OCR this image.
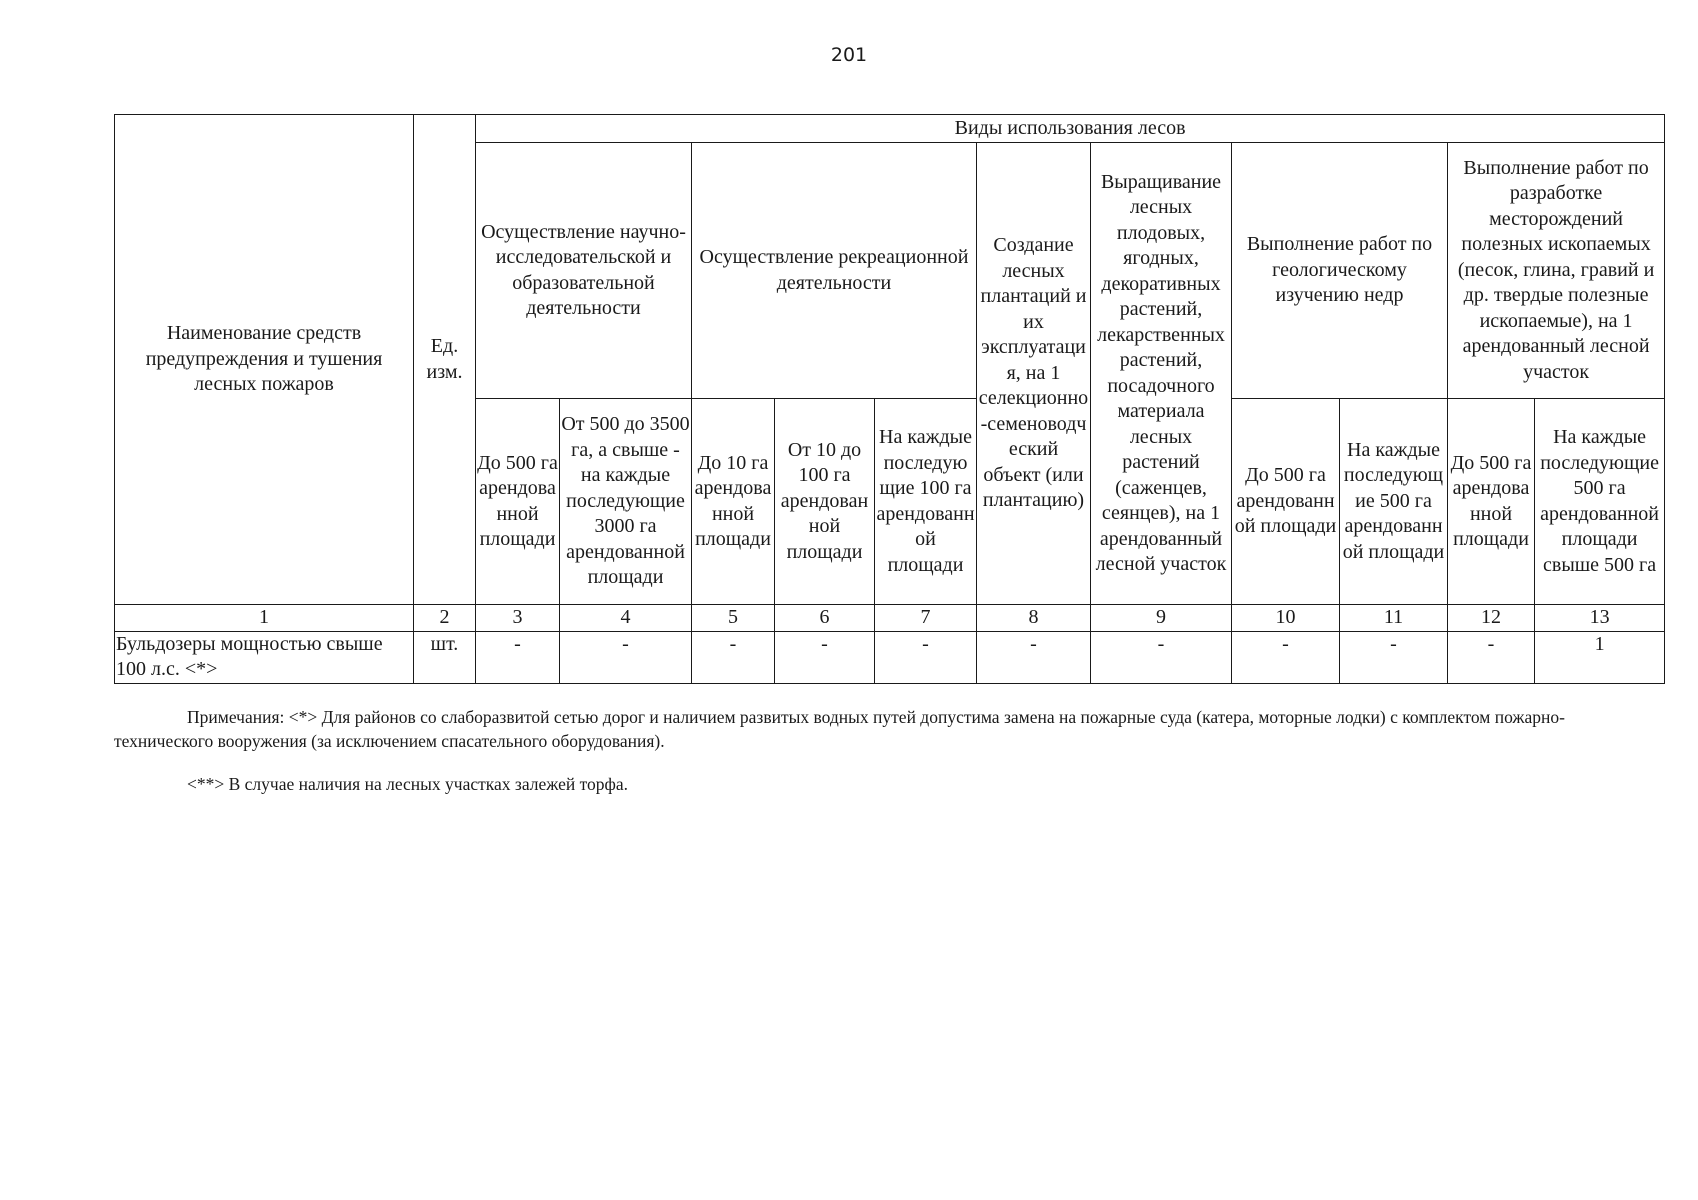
201
Наименование средств предупреждения и тушения лесных пожаров	Ед. изм.	Виды использования лесов										
		Осуществление научно-исследовательской и образовательной деятельности		Осуществление рекреационной деятельности			Создание лесных плантаций и их эксплуатация, на 1 селекционно-семеноводческий объект (или плантацию)	Выращивание лесных плодовых, ягодных, декоративных растений, лекарственных растений, посадочного материала лесных растений (саженцев, сеянцев), на 1 арендованный лесной участок	Выполнение работ по геологическому изучению недр		Выполнение работ по разработке месторождений полезных ископаемых (песок, глина, гравий и др. твердые полезные ископаемые), на 1 арендованный лесной участок	
		До 500 га арендованной площади	От 500 до 3500 га, а свыше - на каждые последующие 3000 га арендованной площади	До 10 га арендованной площади	От 10 до 100 га арендованной площади	На каждые последующие 100 га арендованной площади			До 500 га арендованной площади	На каждые последующие 500 га арендованной площади	До 500 га арендованной площади	На каждые последующие 500 га арендованной площади свыше 500 га
1	2	3	4	5	6	7	8	9	10	11	12	13
Бульдозеры мощностью свыше 100 л.с. <*>	шт.	-	-	-	-	-	-	-	-	-	-	1

Примечания: <*> Для районов со слаборазвитой сетью дорог и наличием развитых водных путей допустима замена на пожарные суда (катера, моторные лодки) с комплектом пожарно-технического вооружения (за исключением спасательного оборудования).

<**> В случае наличия на лесных участках залежей торфа.
